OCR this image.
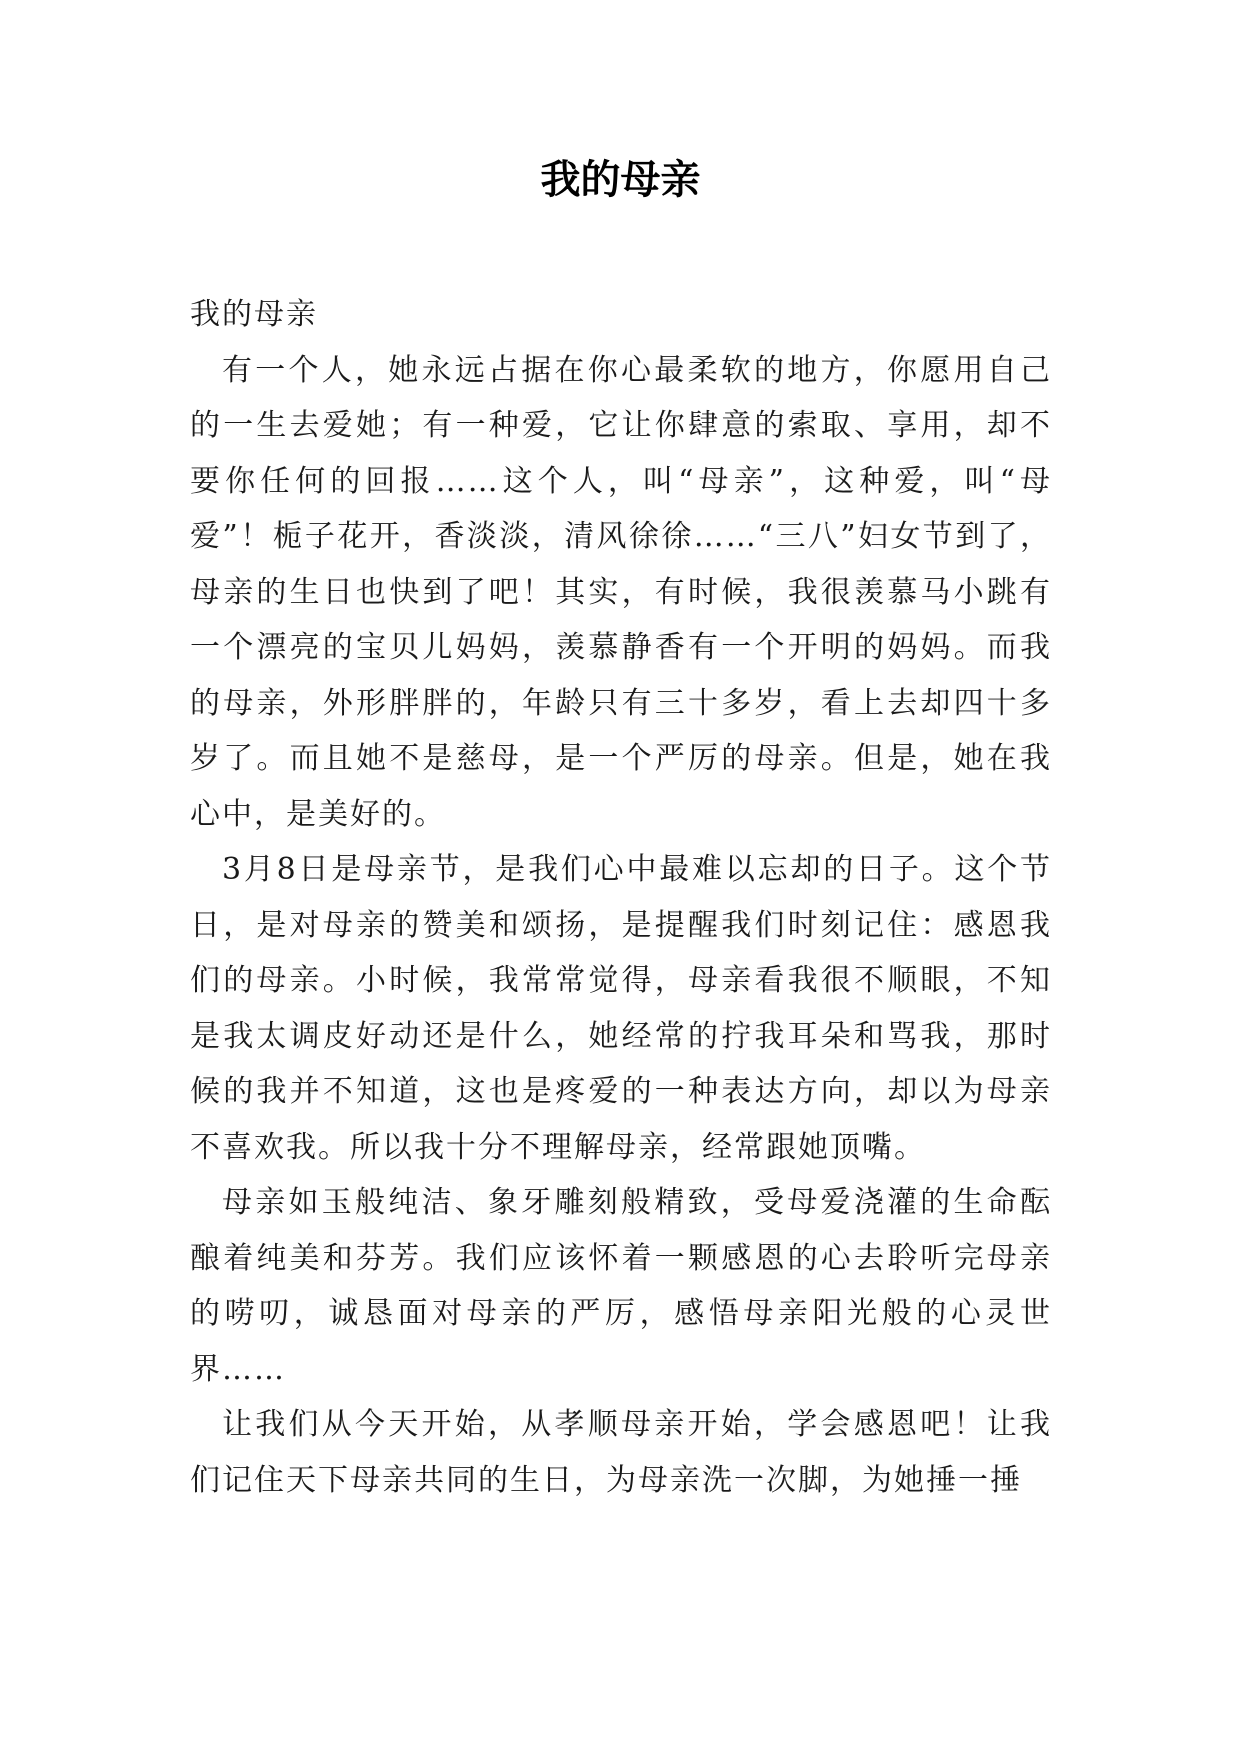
我的母亲

我的母亲

有一个人，她永远占据在你心最柔软的地方，你愿用自己的一生去爱她；有一种爱，它让你肆意的索取、享用，却不要你任何的回报……这个人，叫“母亲”，这种爱，叫“母爱”！栀子花开，香淡淡，清风徐徐……“三八”妇女节到了，母亲的生日也快到了吧！其实，有时候，我很羡慕马小跳有一个漂亮的宝贝儿妈妈，羡慕静香有一个开明的妈妈。而我的母亲，外形胖胖的，年龄只有三十多岁，看上去却四十多岁了。而且她不是慈母，是一个严厉的母亲。但是，她在我心中，是美好的。

3月8日是母亲节，是我们心中最难以忘却的日子。这个节日，是对母亲的赞美和颂扬，是提醒我们时刻记住：感恩我们的母亲。小时候，我常常觉得，母亲看我很不顺眼，不知是我太调皮好动还是什么，她经常的拧我耳朵和骂我，那时候的我并不知道，这也是疼爱的一种表达方向，却以为母亲不喜欢我。所以我十分不理解母亲，经常跟她顶嘴。

母亲如玉般纯洁、象牙雕刻般精致，受母爱浇灌的生命酝酿着纯美和芬芳。我们应该怀着一颗感恩的心去聆听完母亲的唠叨，诚恳面对母亲的严厉，感悟母亲阳光般的心灵世界……

让我们从今天开始，从孝顺母亲开始，学会感恩吧！让我们记住天下母亲共同的生日，为母亲洗一次脚，为她捶一捶
